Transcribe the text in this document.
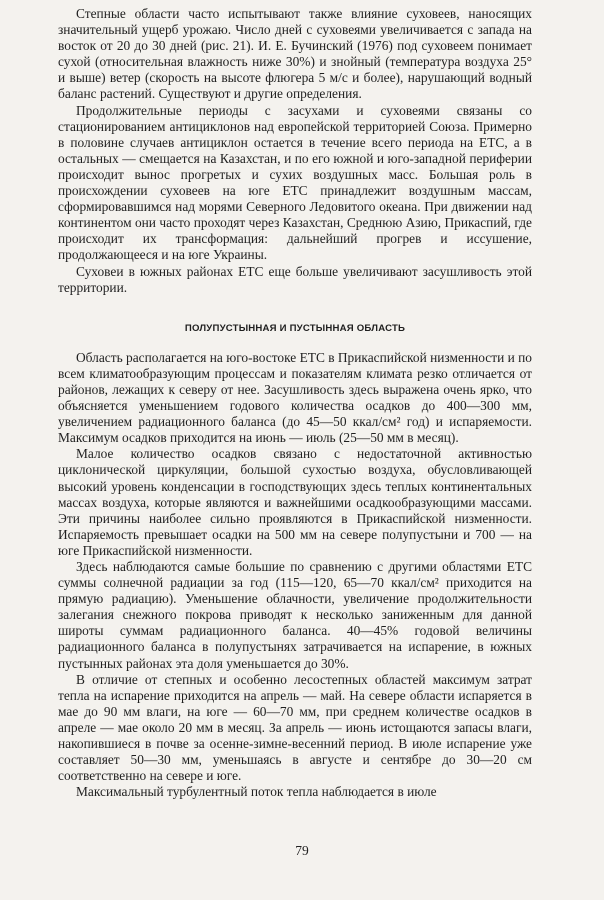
Степные области часто испытывают также влияние суховеев, наносящих значительный ущерб урожаю. Число дней с суховеями увеличивается с запада на восток от 20 до 30 дней (рис. 21). И. Е. Бучинский (1976) под суховеем понимает сухой (относительная влажность ниже 30%) и знойный (температура воздуха 25° и выше) ветер (скорость на высоте флюгера 5 м/с и более), нарушающий водный баланс растений. Существуют и другие определения.

Продолжительные периоды с засухами и суховеями связаны со стационированием антициклонов над европейской территорией Союза. Примерно в половине случаев антициклон остается в течение всего периода на ЕТС, а в остальных — смещается на Казахстан, и по его южной и юго-западной периферии происходит вынос прогретых и сухих воздушных масс. Большая роль в происхождении суховеев на юге ЕТС принадлежит воздушным массам, сформировавшимся над морями Северного Ледовитого океана. При движении над континентом они часто проходят через Казахстан, Среднюю Азию, Прикаспий, где происходит их трансформация: дальнейший прогрев и иссушение, продолжающееся и на юге Украины.

Суховеи в южных районах ЕТС еще больше увеличивают засушливость этой территории.

ПОЛУПУСТЫННАЯ И ПУСТЫННАЯ ОБЛАСТЬ

Область располагается на юго-востоке ЕТС в Прикаспийской низменности и по всем климатообразующим процессам и показателям климата резко отличается от районов, лежащих к северу от нее. Засушливость здесь выражена очень ярко, что объясняется уменьшением годового количества осадков до 400—300 мм, увеличением радиационного баланса (до 45—50 ккал/см² год) и испаряемости. Максимум осадков приходится на июнь — июль (25—50 мм в месяц).

Малое количество осадков связано с недостаточной активностью циклонической циркуляции, большой сухостью воздуха, обусловливающей высокий уровень конденсации в господствующих здесь теплых континентальных массах воздуха, которые являются и важнейшими осадкообразующими массами. Эти причины наиболее сильно проявляются в Прикаспийской низменности. Испаряемость превышает осадки на 500 мм на севере полупустыни и 700 — на юге Прикаспийской низменности.

Здесь наблюдаются самые большие по сравнению с другими областями ЕТС суммы солнечной радиации за год (115—120, 65—70 ккал/см² приходится на прямую радиацию). Уменьшение облачности, увеличение продолжительности залегания снежного покрова приводят к несколько заниженным для данной широты суммам радиационного баланса. 40—45% годовой величины радиационного баланса в полупустынях затрачивается на испарение, в южных пустынных районах эта доля уменьшается до 30%.

В отличие от степных и особенно лесостепных областей максимум затрат тепла на испарение приходится на апрель — май. На севере области испаряется в мае до 90 мм влаги, на юге — 60—70 мм, при среднем количестве осадков в апреле — мае около 20 мм в месяц. За апрель — июнь истощаются запасы влаги, накопившиеся в почве за осенне-зимне-весенний период. В июле испарение уже составляет 50—30 мм, уменьшаясь в августе и сентябре до 30—20 см соответственно на севере и юге.

Максимальный турбулентный поток тепла наблюдается в июле

79
